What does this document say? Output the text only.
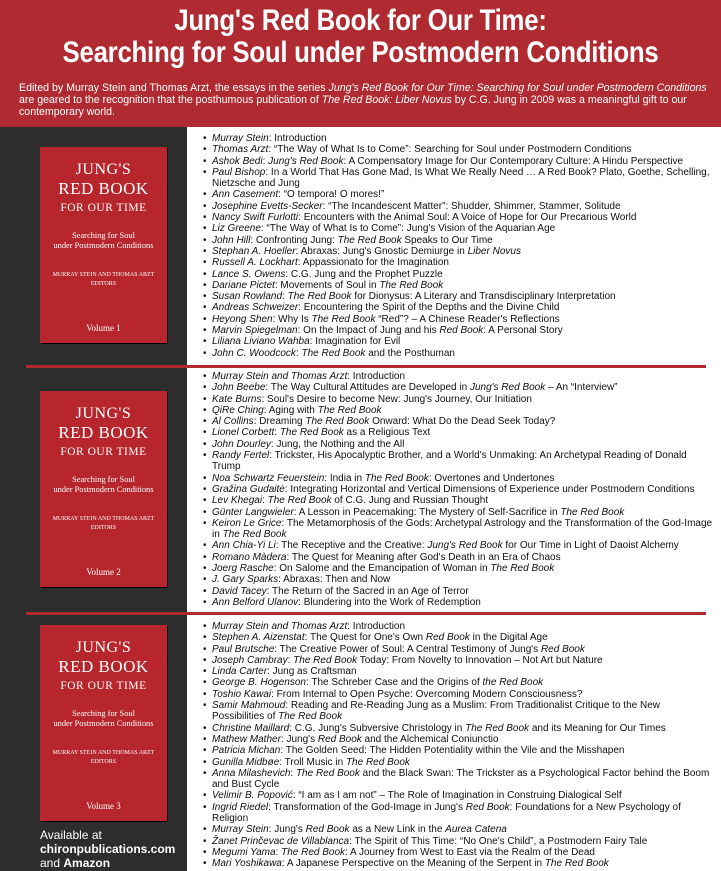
Jung's Red Book for Our Time:
Searching for Soul under Postmodern Conditions
Edited by Murray Stein and Thomas Arzt, the essays in the series Jung's Red Book for Our Time: Searching for Soul under Postmodern Conditions are geared to the recognition that the posthumous publication of The Red Book: Liber Novus by C.G. Jung in 2009 was a meaningful gift to our contemporary world.
JUNG'S
RED BOOK
FOR OUR TIME
Searching for Soul
under Postmodern Conditions
MURRAY STEIN AND THOMAS ARZT
EDITORS
Volume 1
JUNG'S
RED BOOK
FOR OUR TIME
Searching for Soul
under Postmodern Conditions
MURRAY STEIN AND THOMAS ARZT
EDITORS
Volume 2
JUNG'S
RED BOOK
FOR OUR TIME
Searching for Soul
under Postmodern Conditions
MURRAY STEIN AND THOMAS ARZT
EDITORS
Volume 3
Available at
chironpublications.com
and Amazon
• Murray Stein: Introduction
• Thomas Arzt: “The Way of What Is to Come”: Searching for Soul under Postmodern Conditions
• Ashok Bedi: Jung's Red Book: A Compensatory Image for Our Contemporary Culture: A Hindu Perspective
• Paul Bishop: In a World That Has Gone Mad, Is What We Really Need … A Red Book? Plato, Goethe, Schelling, Nietzsche and Jung
• Ann Casement: “O tempora! O mores!”
• Josephine Evetts-Secker: “The Incandescent Matter”: Shudder, Shimmer, Stammer, Solitude
• Nancy Swift Furlotti: Encounters with the Animal Soul: A Voice of Hope for Our Precarious World
• Liz Greene: “The Way of What Is to Come”: Jung's Vision of the Aquarian Age
• John Hill: Confronting Jung: The Red Book Speaks to Our Time
• Stephan A. Hoeller: Abraxas: Jung's Gnostic Demiurge in Liber Novus
• Russell A. Lockhart: Appassionato for the Imagination
• Lance S. Owens: C.G. Jung and the Prophet Puzzle
• Dariane Pictet: Movements of Soul in The Red Book
• Susan Rowland: The Red Book for Dionysus: A Literary and Transdisciplinary Interpretation
• Andreas Schweizer: Encountering the Spirit of the Depths and the Divine Child
• Heyong Shen: Why Is The Red Book “Red”? – A Chinese Reader's Reflections
• Marvin Spiegelman: On the Impact of Jung and his Red Book: A Personal Story
• Liliana Liviano Wahba: Imagination for Evil
• John C. Woodcock: The Red Book and the Posthuman
• Murray Stein and Thomas Arzt: Introduction
• John Beebe: The Way Cultural Attitudes are Developed in Jung's Red Book – An “Interview”
• Kate Burns: Soul's Desire to become New: Jung's Journey, Our Initiation
• QiRe Ching: Aging with The Red Book
• Al Collins: Dreaming The Red Book Onward: What Do the Dead Seek Today?
• Lionel Corbett: The Red Book as a Religious Text
• John Dourley: Jung, the Nothing and the All
• Randy Fertel: Trickster, His Apocalyptic Brother, and a World's Unmaking: An Archetypal Reading of Donald Trump
• Noa Schwartz Feuerstein: India in The Red Book: Overtones and Undertones
• Gražina Gudaitė: Integrating Horizontal and Vertical Dimensions of Experience under Postmodern Conditions
• Lev Khegai: The Red Book of C.G. Jung and Russian Thought
• Günter Langwieler: A Lesson in Peacemaking: The Mystery of Self-Sacrifice in The Red Book
• Keiron Le Grice: The Metamorphosis of the Gods: Archetypal Astrology and the Transformation of the God-Image in The Red Book
• Ann Chia-Yi Li: The Receptive and the Creative: Jung's Red Book for Our Time in Light of Daoist Alchemy
• Romano Màdera: The Quest for Meaning after God's Death in an Era of Chaos
• Joerg Rasche: On Salome and the Emancipation of Woman in The Red Book
• J. Gary Sparks: Abraxas: Then and Now
• David Tacey: The Return of the Sacred in an Age of Terror
• Ann Belford Ulanov: Blundering into the Work of Redemption
• Murray Stein and Thomas Arzt: Introduction
• Stephen A. Aizenstat: The Quest for One's Own Red Book in the Digital Age
• Paul Brutsche: The Creative Power of Soul: A Central Testimony of Jung's Red Book
• Joseph Cambray: The Red Book Today: From Novelty to Innovation – Not Art but Nature
• Linda Carter: Jung as Craftsman
• George B. Hogenson: The Schreber Case and the Origins of the Red Book
• Toshio Kawai: From Internal to Open Psyche: Overcoming Modern Consciousness?
• Samir Mahmoud: Reading and Re-Reading Jung as a Muslim: From Traditionalist Critique to the New Possibilities of The Red Book
• Christine Maillard: C.G. Jung's Subversive Christology in The Red Book and its Meaning for Our Times
• Mathew Mather: Jung's Red Book and the Alchemical Coniunctio
• Patricia Michan: The Golden Seed: The Hidden Potentiality within the Vile and the Misshapen
• Gunilla Midbøe: Troll Music in The Red Book
• Anna Milashevich: The Red Book and the Black Swan: The Trickster as a Psychological Factor behind the Boom and Bust Cycle
• Velimir B. Popović: “I am as I am not” – The Role of Imagination in Construing Dialogical Self
• Ingrid Riedel: Transformation of the God-Image in Jung's Red Book: Foundations for a New Psychology of Religion
• Murray Stein: Jung's Red Book as a New Link in the Aurea Catena
• Žanet Prinčevac de Villablanca: The Spirit of This Time: “No One's Child”, a Postmodern Fairy Tale
• Megumi Yama: The Red Book: A Journey from West to East via the Realm of the Dead
• Mari Yoshikawa: A Japanese Perspective on the Meaning of the Serpent in The Red Book
